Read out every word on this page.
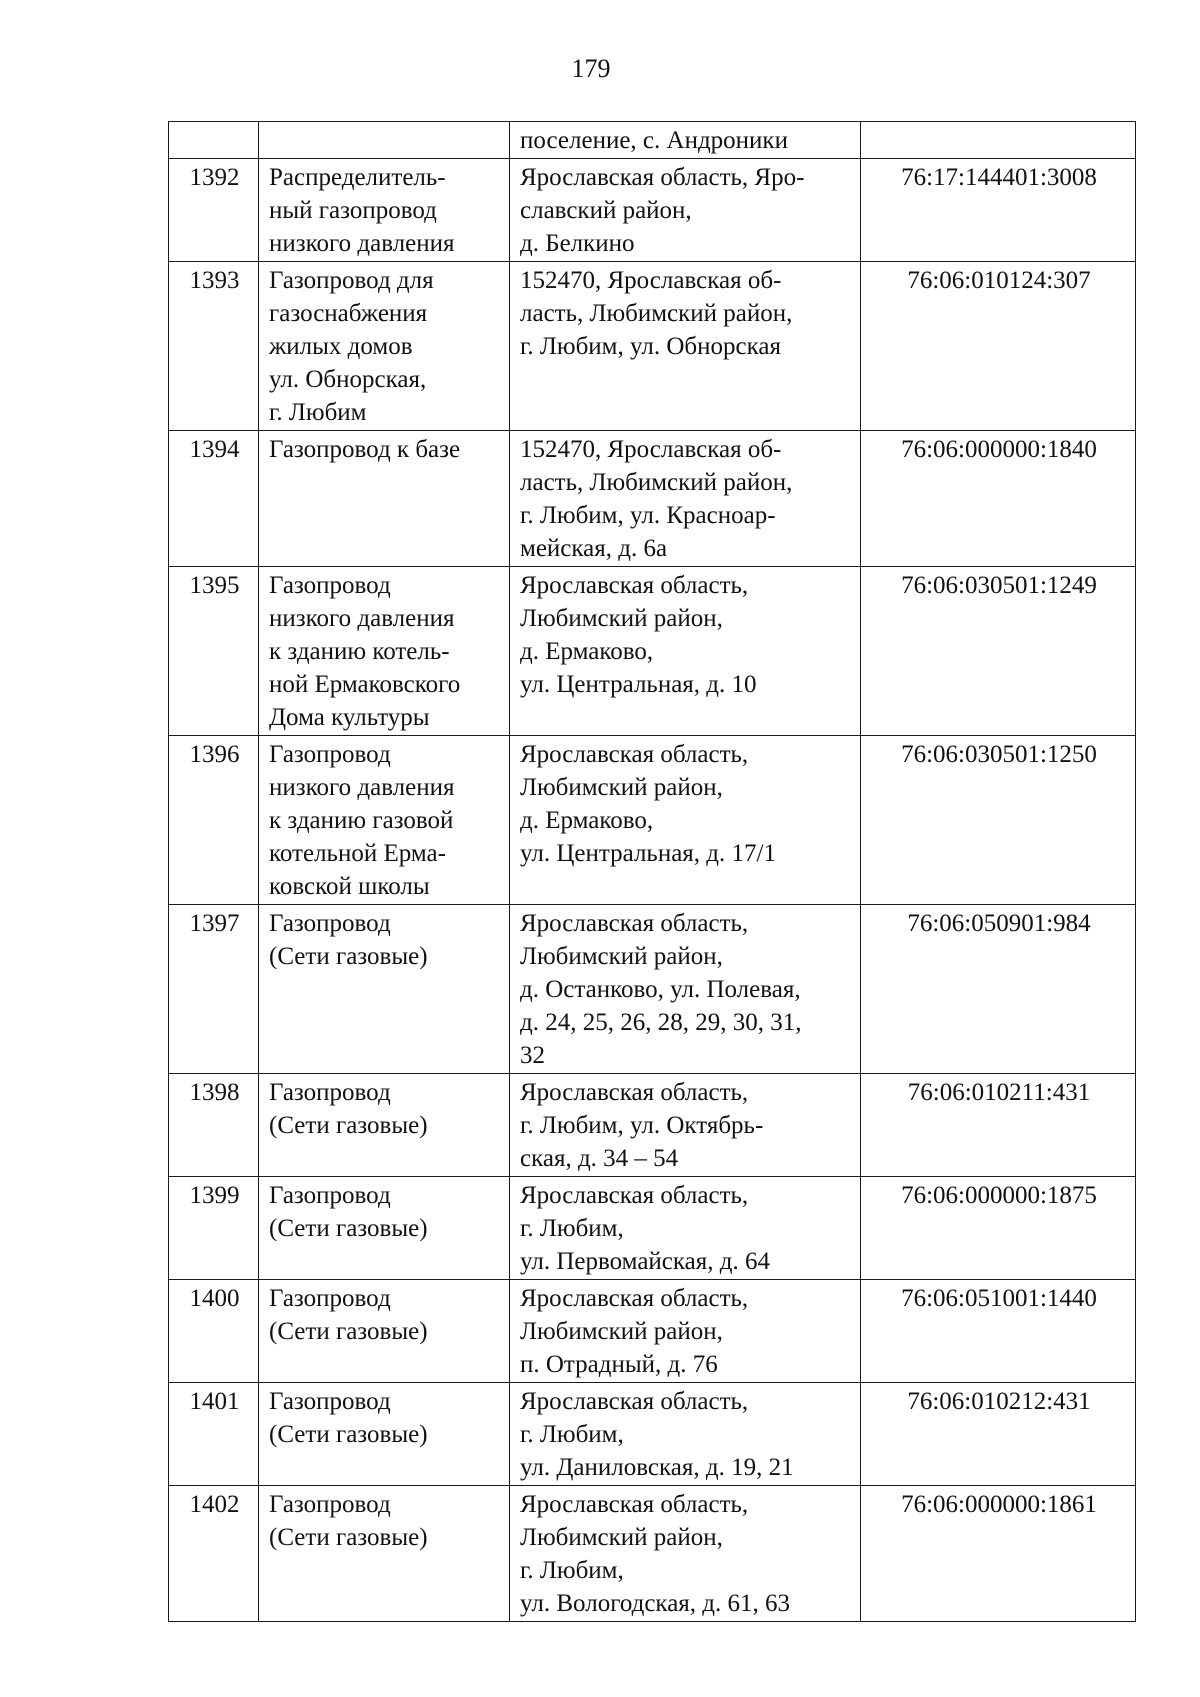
179
		поселение, с. Андроники	
1392	Распределитель-
ный газопровод
низкого давления	Ярославская область, Яро-
славский район,
д. Белкино	76:17:144401:3008
1393	Газопровод для
газоснабжения
жилых домов
ул. Обнорская,
г. Любим	152470, Ярославская об-
ласть, Любимский район,
г. Любим, ул. Обнорская	76:06:010124:307
1394	Газопровод к базе	152470, Ярославская об-
ласть, Любимский район,
г. Любим, ул. Красноар-
мейская, д. 6а	76:06:000000:1840
1395	Газопровод
низкого давления
к зданию котель-
ной Ермаковского
Дома культуры	Ярославская область,
Любимский район,
д. Ермаково,
ул. Центральная, д. 10	76:06:030501:1249
1396	Газопровод
низкого давления
к зданию газовой
котельной Ерма-
ковской школы	Ярославская область,
Любимский район,
д. Ермаково,
ул. Центральная, д. 17/1	76:06:030501:1250
1397	Газопровод
(Сети газовые)	Ярославская область,
Любимский район,
д. Останково, ул. Полевая,
д. 24, 25, 26, 28, 29, 30, 31,
32	76:06:050901:984
1398	Газопровод
(Сети газовые)	Ярославская область,
г. Любим, ул. Октябрь-
ская, д. 34 – 54	76:06:010211:431
1399	Газопровод
(Сети газовые)	Ярославская область,
г. Любим,
ул. Первомайская, д. 64	76:06:000000:1875
1400	Газопровод
(Сети газовые)	Ярославская область,
Любимский район,
п. Отрадный, д. 76	76:06:051001:1440
1401	Газопровод
(Сети газовые)	Ярославская область,
г. Любим,
ул. Даниловская, д. 19, 21	76:06:010212:431
1402	Газопровод
(Сети газовые)	Ярославская область,
Любимский район,
г. Любим,
ул. Вологодская, д. 61, 63	76:06:000000:1861
